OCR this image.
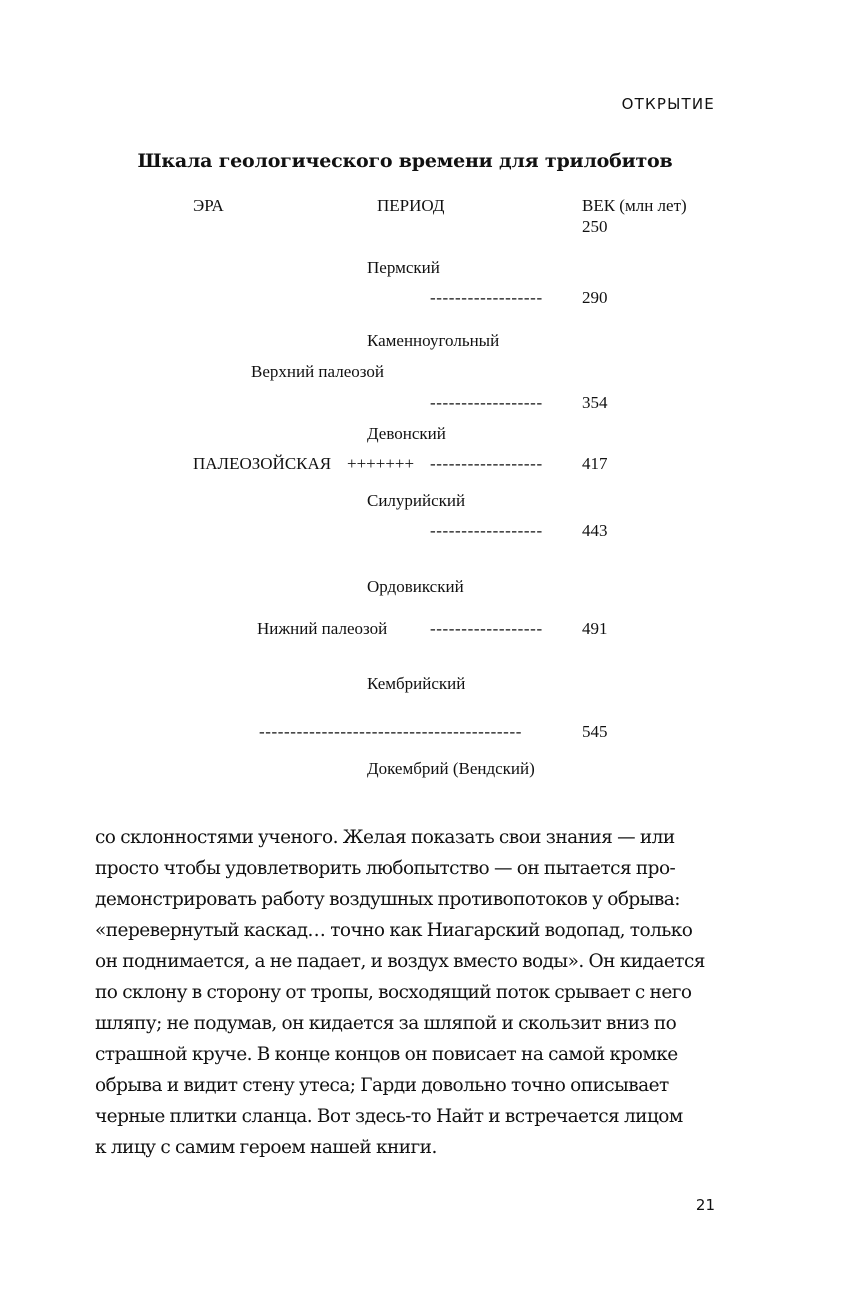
ОТКРЫТИЕ
Шкала геологического времени для трилобитов
ЭРА	ПЕРИОД	ВЕК (млн лет)
250
Пермский
------------------ 290
Каменноугольный
Верхний палеозой
------------------ 354
Девонский
ПАЛЕОЗОЙСКАЯ +++++++ ------------------ 417
Силурийский
------------------ 443
Ордовикский
Нижний палеозой	------------------ 491
Кембрийский
------------------------------------------	545
Докембрий (Вендский)
со склонностями ученого. Желая показать свои знания — или
просто чтобы удовлетворить любопытство — он пытается про-
демонстрировать работу воздушных противопотоков у обрыва:
«перевернутый каскад… точно как Ниагарский водопад, только
он поднимается, а не падает, и воздух вместо воды». Он кидается
по склону в сторону от тропы, восходящий поток срывает с него
шляпу; не подумав, он кидается за шляпой и скользит вниз по
страшной круче. В конце концов он повисает на самой кромке
обрыва и видит стену утеса; Гарди довольно точно описывает
черные плитки сланца. Вот здесь-то Найт и встречается лицом
к лицу с самим героем нашей книги.
21
